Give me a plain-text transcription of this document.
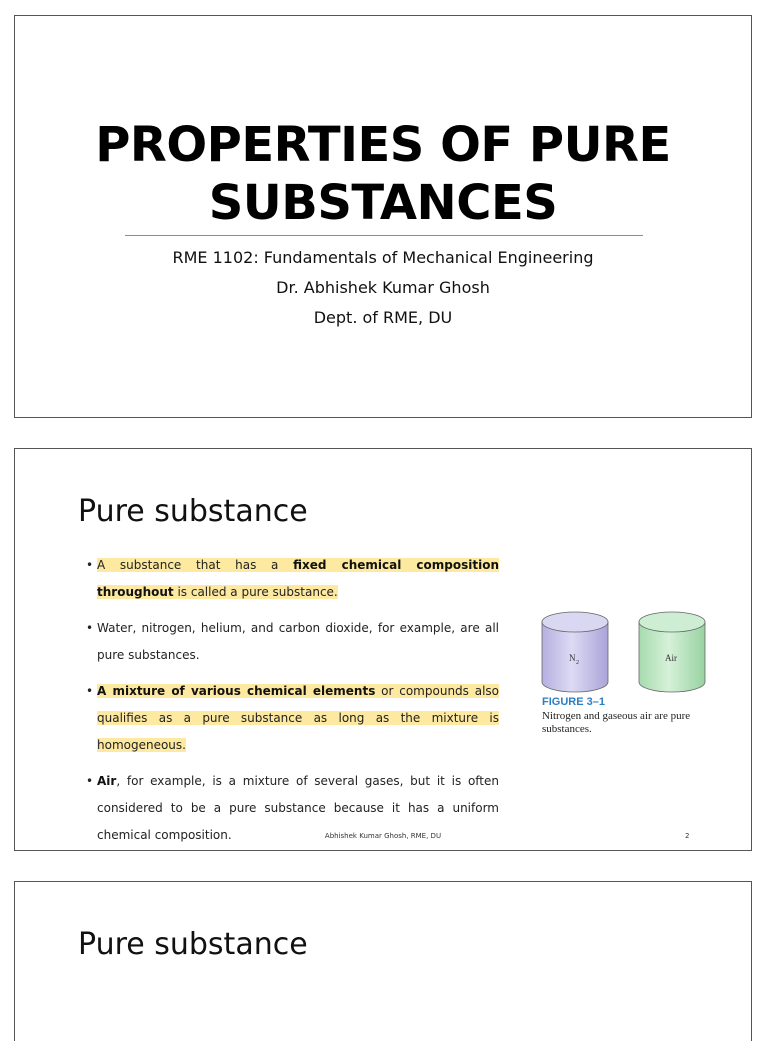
PROPERTIES OF PURE
SUBSTANCES
RME 1102: Fundamentals of Mechanical Engineering
Dr. Abhishek Kumar Ghosh
Dept. of RME, DU
Pure substance
• A substance that has a fixed chemical composition throughout is called a pure substance.
• Water, nitrogen, helium, and carbon dioxide, for example, are all pure substances.
• A mixture of various chemical elements or compounds also qualifies as a pure substance as long as the mixture is homogeneous.
• Air, for example, is a mixture of several gases, but it is often considered to be a pure substance because it has a uniform chemical composition.
N 2	Air
FIGURE 3–1
Nitrogen and gaseous air are pure substances.
Abhishek Kumar Ghosh, RME, DU	2
Pure substance
